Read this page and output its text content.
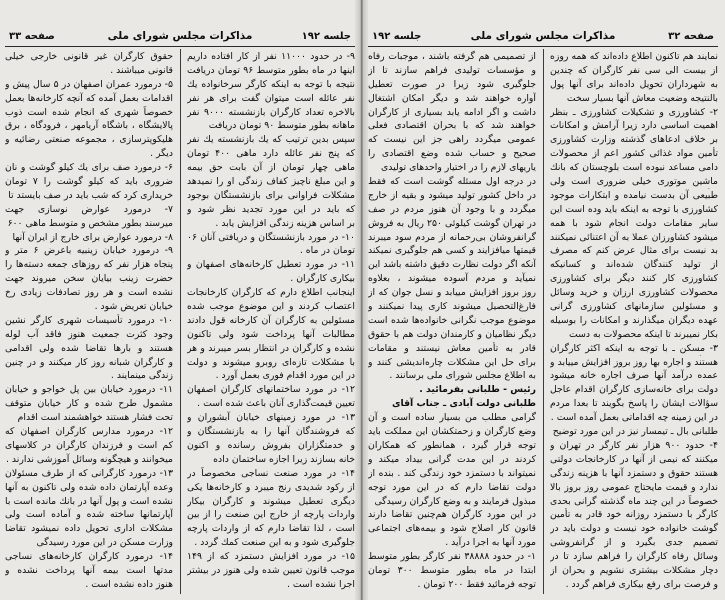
صفحه ۳۳	مذاكرات مجلس شوراى ملى	جلسه ۱۹۲
۹- در حدود ۱۱۰۰۰ نفر از كار افتاده داريم
اينها در ماه بطور متوسط ۹۶ تومان دريافت
نتيجه با توجه به اينكه كارگر سرخانواده يك
نفر عائله است ميتوان گفت براى هر نفر
بالاخره تعداد كارگران بازنشسته ۹۰۰۰ نفر
ماهانه بطور متوسط ۹۰ تومان دريافت
سپس بدين ترتيب كه يك بازنشسته يك نفر
كه پنج نفر عائله دارد ماهى ۴۰۰ تومان
ماهى چهار تومان از آن بابت حق بيمه
و اين مبلغ ناچيز كفاف زندگى او را نميدهد
مشكلات فراوانى براى بازنشستگان بوجود
كه بايد در اين مورد تجديد نظر شود و
بر اساس هزينه زندگى افزايش يابد .
۱۰- در مورد بازنشستگان و دريافتى آنان ۰۶
تومان در ماه .
۱۱- در مورد تعطيل كارخانه‌هاى اصفهان و
بيكارى كارگران .
اينجانب اطلاع دارم كه كارگران كارخانجات
اعتصاب كردند و اين موضوع موجب شده
مسئولين به كارگران آن كارخانه قول دادند
مطالبات آنها پرداخت شود ولى تاكنون
نشده و كارگران در انتظار بسر ميبرند و هر
با مشكلات تازه‌اى روبرو ميشوند و دولت
در اين مورد اقدام فورى بعمل آورد .
۱۲- در مورد ساختمانهاى كارگران اصفهان
تعيين قيمت‌گذارى آنان باعث شده است .
۱۳- در مورد زمينهاى خيابان آبشوران و
كه فروشندگان آنها را به بازنشستگان و
و خدمتگزاران بفروش رسانده و اكنون
خانه بسازند زيرا اجازه ساختمان داده
۱۴- در مورد صنعت نساجى مخصوصاً در
از ركود شديدى رنج ميبرد و كارخانه‌ها يكى
ديگرى تعطيل ميشوند و كارگران بيكار
واردات پارچه از خارج اين صنعت را از بين
است ، لذا تقاضا دارم كه از واردات پارچه
جلوگيرى شود و به اين صنعت كمك گردد .
۱۵- در مورد افزايش دستمزد كه از ۱۴۹
موجب قانون تعيين شده ولى هنوز در بيشتر
اجرا نشده است .
حقوق كارگران غير قانونى خارجى خيلى
قانونى ميباشند .
۵- درمورد عمران اصفهان در ۵ سال پيش و
اقدامات بعمل آمده كه آنچه كارخانه‌ها بعمل
خصوصاً شهرى كه انجام شده است ذوب
پالايشگاه ، باشگاه آريامهر ، فرودگاه ، برق
هليكوپترسازى ، مجموعه صنعتى رضائيه و
ديگر .
۶- درمورد صف براى يك كيلو گوشت و نان
ضرورى بايد كه كيلو گوشت را ۷ تومان
خريدارى كرد كه شب بايد در صف بايستد تا
۷- درمورد عوارض نوسازى جهت
ميرسند بطور مشخص و متوسط ماهى ۶۰۰
۸- درمورد عوارض براى خارج از ايران آنها
۹- درمورد خيابان زينبيه باعرض ۶ متر و
پنجاه هزار نفر كه روزهاى جمعه دسته‌ها را
حضرت زينب بيايان سخن ميروند جهت
نشده است و هر روز تصادفات زيادى رخ
خيابان تعريض شود .
۱۰- درمورد تأسيسات شهرى كارگر نشين
وجود كثرت جمعيت هنوز فاقد آب لوله
هستند و بارها تقاضا شده ولى اقدامى
و كارگران شبانه روز كار ميكنند و در چنين
زندگى مينمايند .
۱۱- درمورد خيابان بين پل خواجو و خيابان
مشمول طرح شده و كار خيابان متوقف
تحت فشار هستند خواهشمند است اقدام
۱۲- درمورد مدارس كارگران اصفهان كه
كم است و فرزندان كارگران در كلاسهاى
ميخوانند و هيچگونه وسائل آموزشى ندارند .
۱۳- درمورد كارگرانى كه از طرف مسئولان
وعده آپارتمان داده شده ولى تاكنون به آنها
نشده است و پول آنها در بانك مانده است با
آپارتمانها ساخته شده و آماده است ولى
مشكلات ادارى تحويل داده نميشود تقاضا
وزارت مسكن در اين مورد رسيدگى
۱۴- درمورد كارگران كارخانه‌هاى نساجى
مدتها است بيمه آنها پرداخت نشده و
هنوز داده نشده است .
جلسه ۱۹۲	مذاكرات مجلس شوراى ملى	صفحه ۳۲
نمايند هم تاكنون اطلاع داده‌اند كه همه روزه
از بيست الى سى نفر كارگران كه چندين
به شهرداران تحويل داده‌اند براى آنها پول
بالنتيجه وضعيت معاش آنها بسيار سخت
۲- كشاورزى و تشكيلات كشاورزى ـ بنظر
اهميت اساسى دارد زيرا آرامش و امكانات
بر خلاف ادعاهاى گذشته وزارت كشاورزى
تأمين مواد غذائى كشور اعم از محصولات
دامى مساعد نبوده است بلوچستان كه بانك
ماشين موتورى خيلى ضرورى است ولى
طبيعى آن بدست نيامده و ابتكارات موجود
كشاورزى با توجه به اينكه بايد وده است اين
ساير مقامات دولت انجام شود با همه
ميشود كشاورزان عملا به آن اعتنائى نميكنند
بد نيست براى مثال عرض كنم كه مصرف
از توليد كنندگان شده‌اند و كسانيكه
كشاورزى كار كنند ديگر براى كشاورزى
محصولات كشاورزى ارزان و خريد وسائل
و مسئولين سازمانهاى كشاورزى گرانى
عهده ديگران ميگذارند و امكانات را بوسيله
بكار نميبرند تا اينكه محصولات به دست
۳- مسكن ـ با توجه به اينكه اكثر كارگران
هستند و اجاره بها روز بروز افزايش مييابد و
عمده درآمد آنها صرف اجاره خانه ميشود
دولت براى خانه‌سازى كارگران اقدام عاجل
سؤالات ايشان را پاسخ بگويند تا بعدا مردم
در اين زمينه چه اقداماتى بعمل آمده است .
طلبانى بال ـ تيمسار نيز در اين مورد توضيح
۴- حدود ۹۰۰ هزار نفر كارگر در تهران و
ميكنند كه نيمى از آنها در كارخانجات دولتى
هستند حقوق و دستمزد آنها با هزينه زندگى
ندارد و قيمت مايحتاج عمومى روز بروز بالا
خصوصاً در اين چند ماه گذشته گرانى بحدى
كارگر با دستمزد روزانه خود قادر به تأمين
گوشت خانواده خود نيست و دولت بايد در
تصميم جدى بگيرد و از گرانفروشى
وسائل رفاه كارگران را فراهم سازد تا در
دچار مشكلات بيشترى نشويم و بحران از
و فرصت براى رفع بيكارى فراهم گردد .
از تصميمى هم گرفته باشند ، موجبات رفاه
و مؤسسات توليدى فراهم سازند تا از
جلوگيرى شود زيرا در صورت تعطيل
آواره خواهند شد و ديگر امكان اشتغال
داشت و اگر ادامه يابد بسيارى از كارگران
خواهند شد كه با بحران اقتصادى فعلى
عمومى ميگردد راهى جز اين نيست كه
صحيح و حساب شده وضع اقتصادى را
ياريهاى لازم را در اختيار واحدهاى توليدى
در درجه اول مسئله گوشت است كه فقط
در داخل كشور توليد ميشود و بقيه از خارج
ميگردد و با وجود آن هنوز مردم در صف
در تهران گوشت كيلوئى ۲۵۰ ريال به فروش
گرانفروشان بى‌رحمانه از مردم سود ميبرند
قيمتها ميافزايند و كسى هم جلوگيرى نميكند
آنكه اگر دولت نظارت دقيق داشته باشد اين
نميآيد و مردم آسوده ميشوند ، بعلاوه
روز بروز افزايش مييابد و نسل جوان كه از
فارغ‌التحصيل ميشوند كارى پيدا نميكنند و
موضوع موجب نگرانى خانواده‌ها شده است
ديگر نظاميان و كارمندان دولت هم با حقوق
قادر به تأمين معاش نيستند و مقامات
براى حل اين مشكلات چاره‌انديشى كنند و
به اطلاع مجلس شوراى ملى برسانند .
رئيس - طلبانى بفرمائيد .
طلبانى دولت آبادى ـ جناب آقاى
گرامى مطلب من بسيار ساده است و آن
وضع كارگران و زحمتكشان اين مملكت بايد
توجه قرار گيرد ، همانطور كه همكاران
كردند در اين مدت گرانى بيداد ميكند و
نميتواند با دستمزد خود زندگى كند . بنده از
دولت تقاضا دارم كه در اين مورد توجه
مبذول فرمايند و به وضع كارگران رسيدگى
در اين مورد كارگران هم‌چنين تقاضا دارند
قانون كار اصلاح شود و بيمه‌هاى اجتماعى
مورد آنها به اجرا درآيد .
۱- در حدود ۳۸۸۸۸ نفر كارگر بطور متوسط
ابتدا در ماه بطور متوسط ۳۰۰ تومان
توجه فرمائيد فقط ۲۰۰ تومان .
